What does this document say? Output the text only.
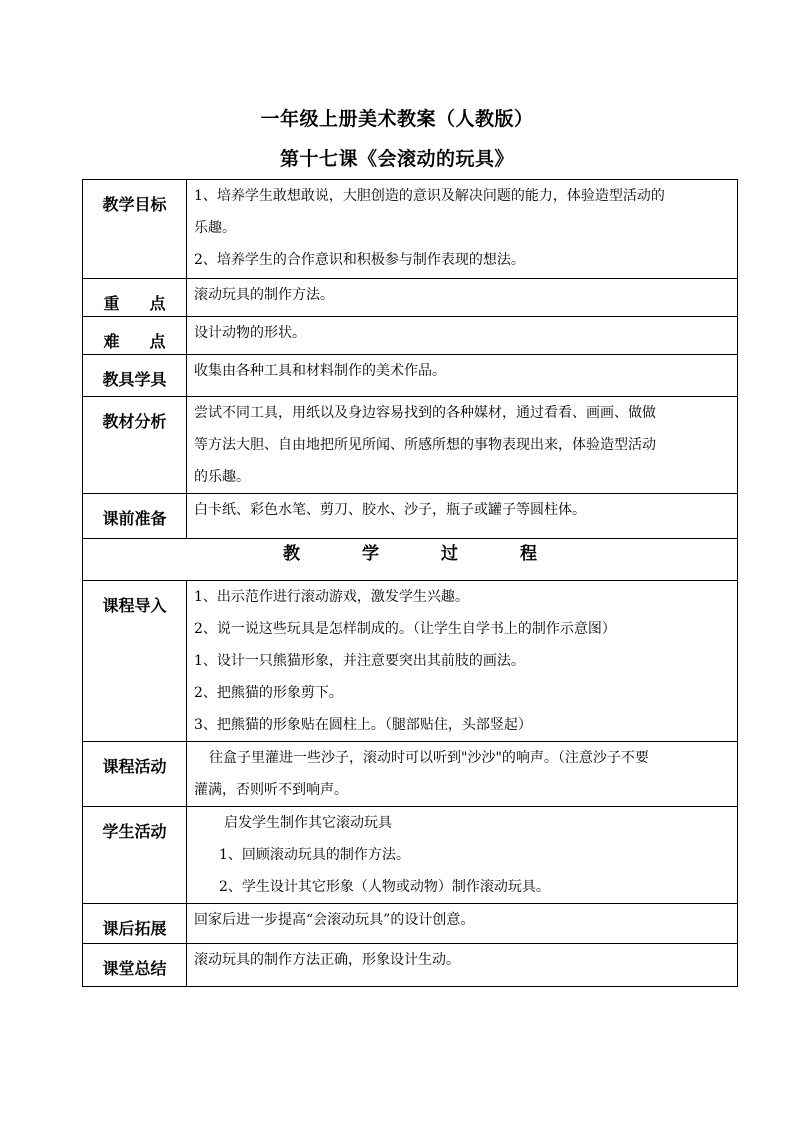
一年级上册美术教案（人教版）
第十七课《会滚动的玩具》
教学目标	1、培养学生敢想敢说，大胆创造的意识及解决问题的能力，体验造型活动的
乐趣。
2、培养学生的合作意识和积极参与制作表现的想法。

重点	滚动玩具的制作方法。

难点	设计动物的形状。

教具学具	收集由各种工具和材料制作的美术作品。

教材分析	尝试不同工具，用纸以及身边容易找到的各种媒材，通过看看、画画、做做
等方法大胆、自由地把所见所闻、所感所想的事物表现出来，体验造型活动
的乐趣。

课前准备	白卡纸、彩色水笔、剪刀、胶水、沙子，瓶子或罐子等圆柱体。

教学过程	

课程导入	1、出示范作进行滚动游戏，激发学生兴趣。
2、说一说这些玩具是怎样制成的。（让学生自学书上的制作示意图）
1、设计一只熊猫形象，并注意要突出其前肢的画法。
2、把熊猫的形象剪下。
3、把熊猫的形象贴在圆柱上。（腿部贴住，头部竖起）

课程活动	往盒子里灌进一些沙子，滚动时可以听到"沙沙"的响声。（注意沙子不要
灌满，否则听不到响声。

学生活动	启发学生制作其它滚动玩具
1、回顾滚动玩具的制作方法。
2、学生设计其它形象（人物或动物）制作滚动玩具。

课后拓展	回家后进一步提高“会滚动玩具”的设计创意。

课堂总结	滚动玩具的制作方法正确，形象设计生动。
